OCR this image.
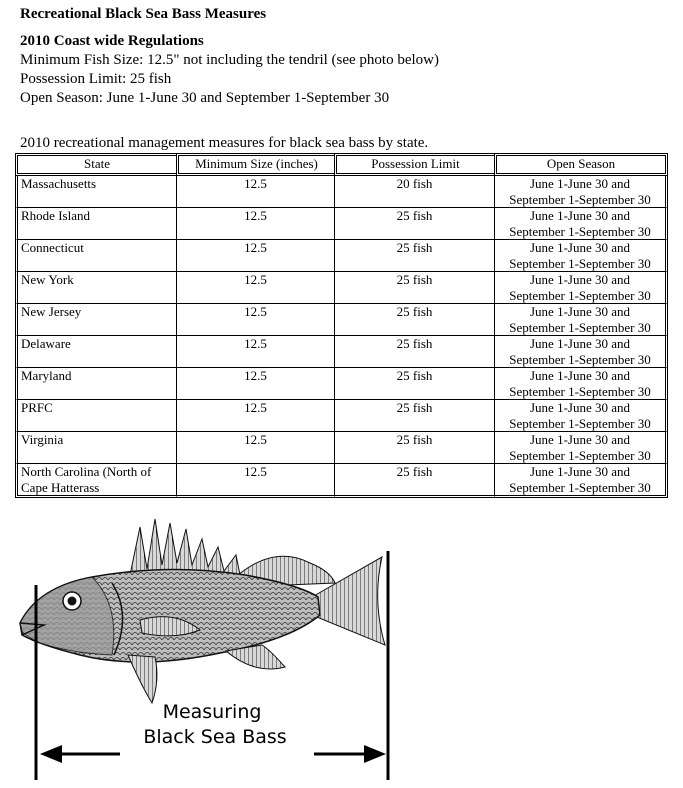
Recreational Black Sea Bass Measures
2010 Coast wide Regulations
Minimum Fish Size: 12.5" not including the tendril (see photo below)
Possession Limit: 25 fish
Open Season: June 1-June 30 and September 1-September 30
2010 recreational management measures for black sea bass by state.
State	Minimum Size (inches)	Possession Limit	Open Season
Massachusetts	12.5	20 fish	June 1-June 30 and
September 1-September 30
Rhode Island	12.5	25 fish	June 1-June 30 and
September 1-September 30
Connecticut	12.5	25 fish	June 1-June 30 and
September 1-September 30
New York	12.5	25 fish	June 1-June 30 and
September 1-September 30
New Jersey	12.5	25 fish	June 1-June 30 and
September 1-September 30
Delaware	12.5	25 fish	June 1-June 30 and
September 1-September 30
Maryland	12.5	25 fish	June 1-June 30 and
September 1-September 30
PRFC	12.5	25 fish	June 1-June 30 and
September 1-September 30
Virginia	12.5	25 fish	June 1-June 30 and
September 1-September 30
North Carolina (North of
Cape Hatterass	12.5	25 fish	June 1-June 30 and
September 1-September 30
Measuring
Black Sea Bass
